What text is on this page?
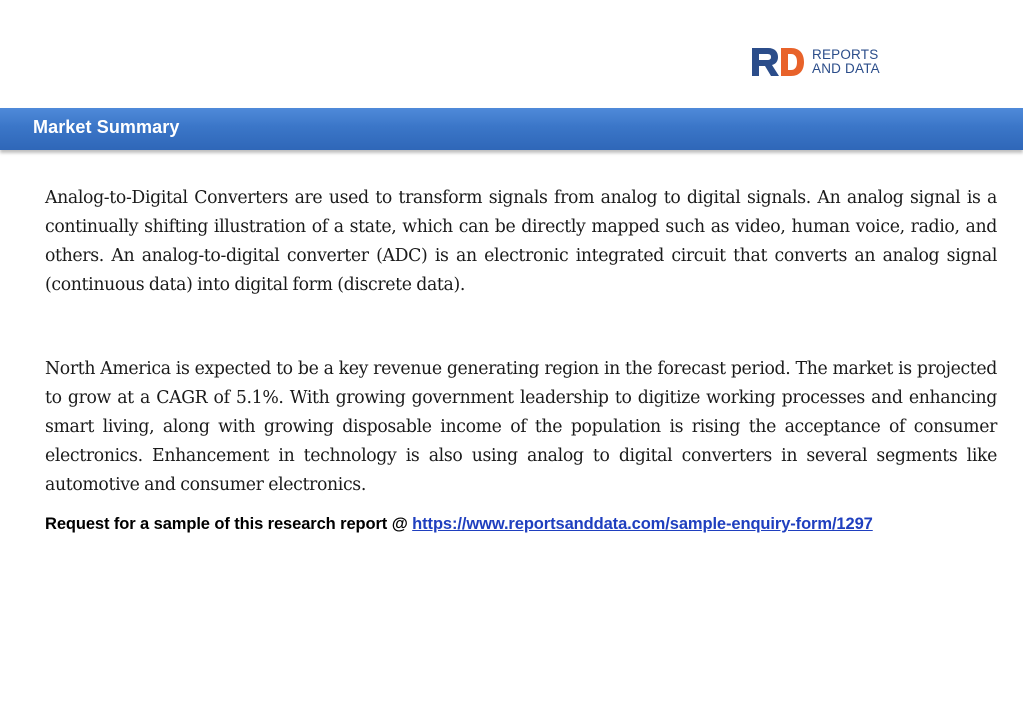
REPORTS
AND DATA
Market Summary

Analog-to-Digital Converters are used to transform signals from analog to digital signals. An analog signal is a continually shifting illustration of a state, which can be directly mapped such as video, human voice, radio, and others. An analog-to-digital converter (ADC) is an electronic integrated circuit that converts an analog signal (continuous data) into digital form (discrete data).

North America is expected to be a key revenue generating region in the forecast period. The market is projected to grow at a CAGR of 5.1%. With growing government leadership to digitize working processes and enhancing smart living, along with growing disposable income of the population is rising the acceptance of consumer electronics. Enhancement in technology is also using analog to digital converters in several segments like automotive and consumer electronics.

Request for a sample of this research report @ https://www.reportsanddata.com/sample-enquiry-form/1297
